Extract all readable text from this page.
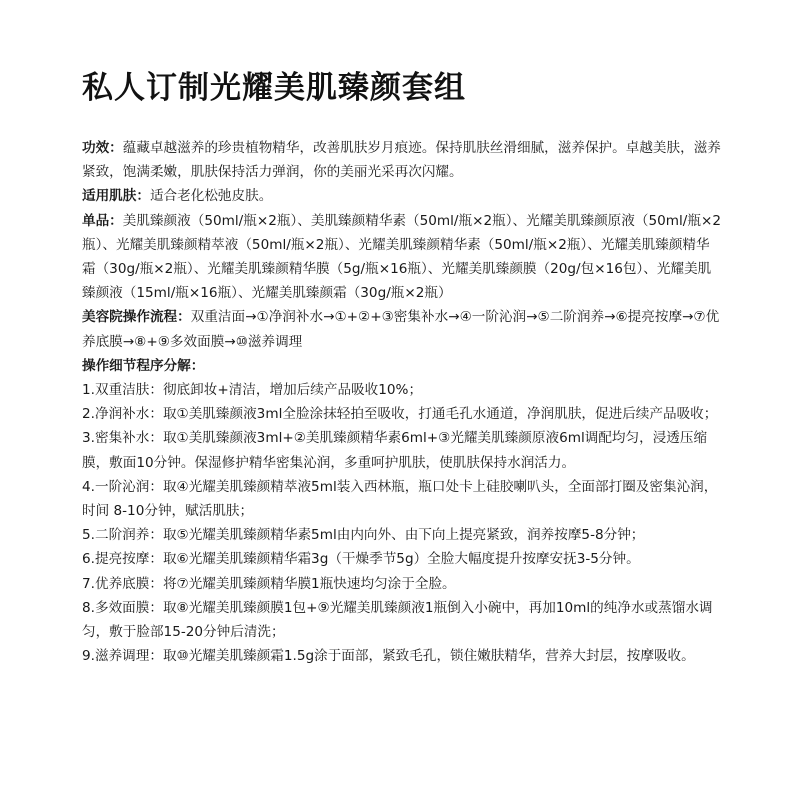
私人订制光耀美肌臻颜套组

功效：蕴藏卓越滋养的珍贵植物精华，改善肌肤岁月痕迹。保持肌肤丝滑细腻，滋养保护。卓越美肤，滋养紧致，饱满柔嫩，肌肤保持活力弹润，你的美丽光采再次闪耀。

适用肌肤：适合老化松弛皮肤。

单品：美肌臻颜液（50ml/瓶×2瓶）、美肌臻颜精华素（50ml/瓶×2瓶）、光耀美肌臻颜原液（50ml/瓶×2瓶）、光耀美肌臻颜精萃液（50ml/瓶×2瓶）、光耀美肌臻颜精华素（50ml/瓶×2瓶）、光耀美肌臻颜精华霜（30g/瓶×2瓶）、光耀美肌臻颜精华膜（5g/瓶×16瓶）、光耀美肌臻颜膜（20g/包×16包）、光耀美肌臻颜液（15ml/瓶×16瓶）、光耀美肌臻颜霜（30g/瓶×2瓶）

美容院操作流程：双重洁面→①净润补水→①+②+③密集补水→④一阶沁润→⑤二阶润养→⑥提亮按摩→⑦优养底膜→⑧+⑨多效面膜→⑩滋养调理

操作细节程序分解：

1.双重洁肤：彻底卸妆+清洁，增加后续产品吸收10%；

2.净润补水：取①美肌臻颜液3ml全脸涂抹轻拍至吸收，打通毛孔水通道，净润肌肤，促进后续产品吸收；

3.密集补水：取①美肌臻颜液3ml+②美肌臻颜精华素6ml+③光耀美肌臻颜原液6ml调配均匀，浸透压缩膜，敷面10分钟。保湿修护精华密集沁润，多重呵护肌肤，使肌肤保持水润活力。

4.一阶沁润：取④光耀美肌臻颜精萃液5ml装入西林瓶，瓶口处卡上硅胶喇叭头，全面部打圈及密集沁润，时间 8-10分钟，赋活肌肤；

5.二阶润养：取⑤光耀美肌臻颜精华素5ml由内向外、由下向上提亮紧致，润养按摩5-8分钟；

6.提亮按摩：取⑥光耀美肌臻颜精华霜3g（干燥季节5g）全脸大幅度提升按摩安抚3-5分钟。

7.优养底膜：将⑦光耀美肌臻颜精华膜1瓶快速均匀涂于全脸。

8.多效面膜：取⑧光耀美肌臻颜膜1包+⑨光耀美肌臻颜液1瓶倒入小碗中，再加10ml的纯净水或蒸馏水调匀，敷于脸部15-20分钟后清洗；

9.滋养调理：取⑩光耀美肌臻颜霜1.5g涂于面部，紧致毛孔，锁住嫩肤精华，营养大封层，按摩吸收。
